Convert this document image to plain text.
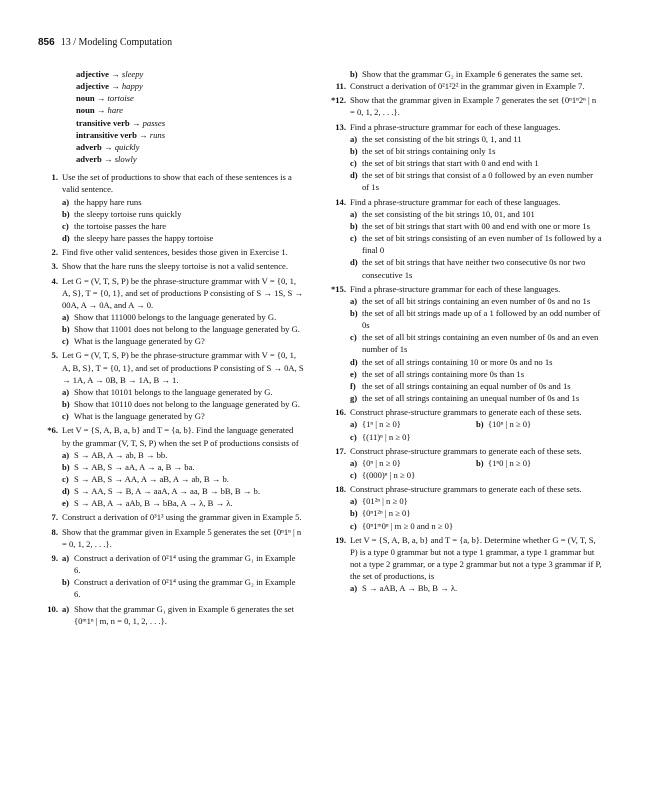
856 13 / Modeling Computation
adjective → sleepy
adjective → happy
noun → tortoise
noun → hare
transitive verb → passes
intransitive verb → runs
adverb → quickly
adverb → slowly
1. Use the set of productions to show that each of these sentences is a valid sentence.
a) the happy hare runs
b) the sleepy tortoise runs quickly
c) the tortoise passes the hare
d) the sleepy hare passes the happy tortoise
2. Find five other valid sentences, besides those given in Exercise 1.
3. Show that the hare runs the sleepy tortoise is not a valid sentence.
4. Let G = (V, T, S, P) be the phrase-structure grammar with V = {0, 1, A, S}, T = {0, 1}, and set of productions P consisting of S → 1S, S → 00A, A → 0A, and A → 0.
a) Show that 111000 belongs to the language generated by G.
b) Show that 11001 does not belong to the language generated by G.
c) What is the language generated by G?
5. Let G = (V, T, S, P) be the phrase-structure grammar with V = {0, 1, A, B, S}, T = {0, 1}, and set of productions P consisting of S → 0A, S → 1A, A → 0B, B → 1A, B → 1.
a) Show that 10101 belongs to the language generated by G.
b) Show that 10110 does not belong to the language generated by G.
c) What is the language generated by G?
*6. Let V = {S, A, B, a, b} and T = {a, b}. Find the language generated by the grammar (V, T, S, P) when the set P of productions consists of
a) S → AB, A → ab, B → bb.
b) S → AB, S → aA, A → a, B → ba.
c) S → AB, S → AA, A → aB, A → ab, B → b.
d) S → AA, S → B, A → aaA, A → aa, B → bB, B → b.
e) S → AB, A → aAb, B → bBa, A → λ, B → λ.
7. Construct a derivation of 0³1³ using the grammar given in Example 5.
8. Show that the grammar given in Example 5 generates the set {0ⁿ1ⁿ | n = 0, 1, 2, . . .}.
9. a) Construct a derivation of 0²1⁴ using the grammar G₁ in Example 6.
b) Construct a derivation of 0²1⁴ using the grammar G₂ in Example 6.
10. a) Show that the grammar G₁ given in Example 6 generates the set {0ᵐ1ⁿ | m, n = 0, 1, 2, . . .}.
b) Show that the grammar G₂ in Example 6 generates the same set.
11. Construct a derivation of 0²1²2² in the grammar given in Example 7.
*12. Show that the grammar given in Example 7 generates the set {0ⁿ1ⁿ2ⁿ | n = 0, 1, 2, . . .}.
13. Find a phrase-structure grammar for each of these languages.
a) the set consisting of the bit strings 0, 1, and 11
b) the set of bit strings containing only 1s
c) the set of bit strings that start with 0 and end with 1
d) the set of bit strings that consist of a 0 followed by an even number of 1s
14. Find a phrase-structure grammar for each of these languages.
a) the set consisting of the bit strings 10, 01, and 101
b) the set of bit strings that start with 00 and end with one or more 1s
c) the set of bit strings consisting of an even number of 1s followed by a final 0
d) the set of bit strings that have neither two consecutive 0s nor two consecutive 1s
*15. Find a phrase-structure grammar for each of these languages.
a) the set of all bit strings containing an even number of 0s and no 1s
b) the set of all bit strings made up of a 1 followed by an odd number of 0s
c) the set of all bit strings containing an even number of 0s and an even number of 1s
d) the set of all strings containing 10 or more 0s and no 1s
e) the set of all strings containing more 0s than 1s
f) the set of all strings containing an equal number of 0s and 1s
g) the set of all strings containing an unequal number of 0s and 1s
16. Construct phrase-structure grammars to generate each of these sets.
a) {1ⁿ | n ≥ 0}	b) {10ⁿ | n ≥ 0}
c) {(11)ⁿ | n ≥ 0}
17. Construct phrase-structure grammars to generate each of these sets.
a) {0ⁿ | n ≥ 0}	b) {1ⁿ0 | n ≥ 0}
c) {(000)ⁿ | n ≥ 0}
18. Construct phrase-structure grammars to generate each of these sets.
a) {01²ⁿ | n ≥ 0}
b) {0ⁿ1²ⁿ | n ≥ 0}
c) {0ⁿ1ᵐ0ⁿ | m ≥ 0 and n ≥ 0}
19. Let V = {S, A, B, a, b} and T = {a, b}. Determine whether G = (V, T, S, P) is a type 0 grammar but not a type 1 grammar, a type 1 grammar but not a type 2 grammar, or a type 2 grammar but not a type 3 grammar if P, the set of productions, is
a) S → aAB, A → Bb, B → λ.
